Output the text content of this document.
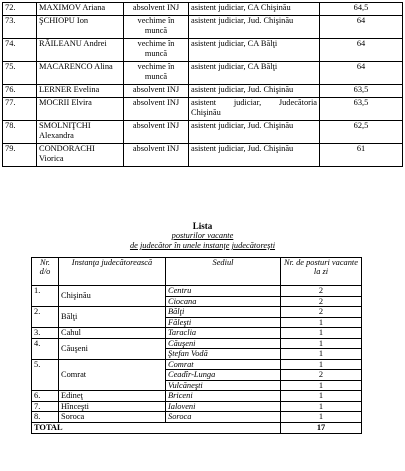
72.	MAXIMOV Ariana	absolvent INJ	asistent judiciar, CA Chişinău	64,5
73.	ŞCHIOPU Ion	vechime în muncă	asistent judiciar, Jud. Chişinău	64
74.	RĂILEANU Andrei	vechime în muncă	asistent judiciar, CA Bălţi	64
75.	MACARENCO Alina	vechime în muncă	asistent judiciar, CA Bălţi	64
76.	LERNER Evelina	absolvent INJ	asistent judiciar, Jud. Chişinău	63,5
77.	MOCRII Elvira	absolvent INJ	asistent judiciar, Judecătoria Chişinău	63,5
78.	SMOLNIŢCHI Alexandra	absolvent INJ	asistent judiciar, Jud. Chişinău	62,5
79.	CONDORACHI Viorica	absolvent INJ	asistent judiciar, Jud. Chişinău	61
Lista
posturilor vacante
de judecător în unele instanţe judecătoreşti
Nr. d/o	Instanţa judecătorească	Sediul	Nr. de posturi vacante la zi
1.	Chişinău	Centru	2
		Ciocana	2
2.	Bălţi	Bălţi	2
		Făleşti	1
3.	Cahul	Taraclia	1
4.	Căuşeni	Căuşeni	1
		Ştefan Vodă	1
5.	Comrat	Comrat	1
		Ceadîr-Lunga	2
		Vulcăneşti	1
6.	Edineţ	Briceni	1
7.	Hînceşti	Ialoveni	1
8.	Soroca	Soroca	1
TOTAL			17
